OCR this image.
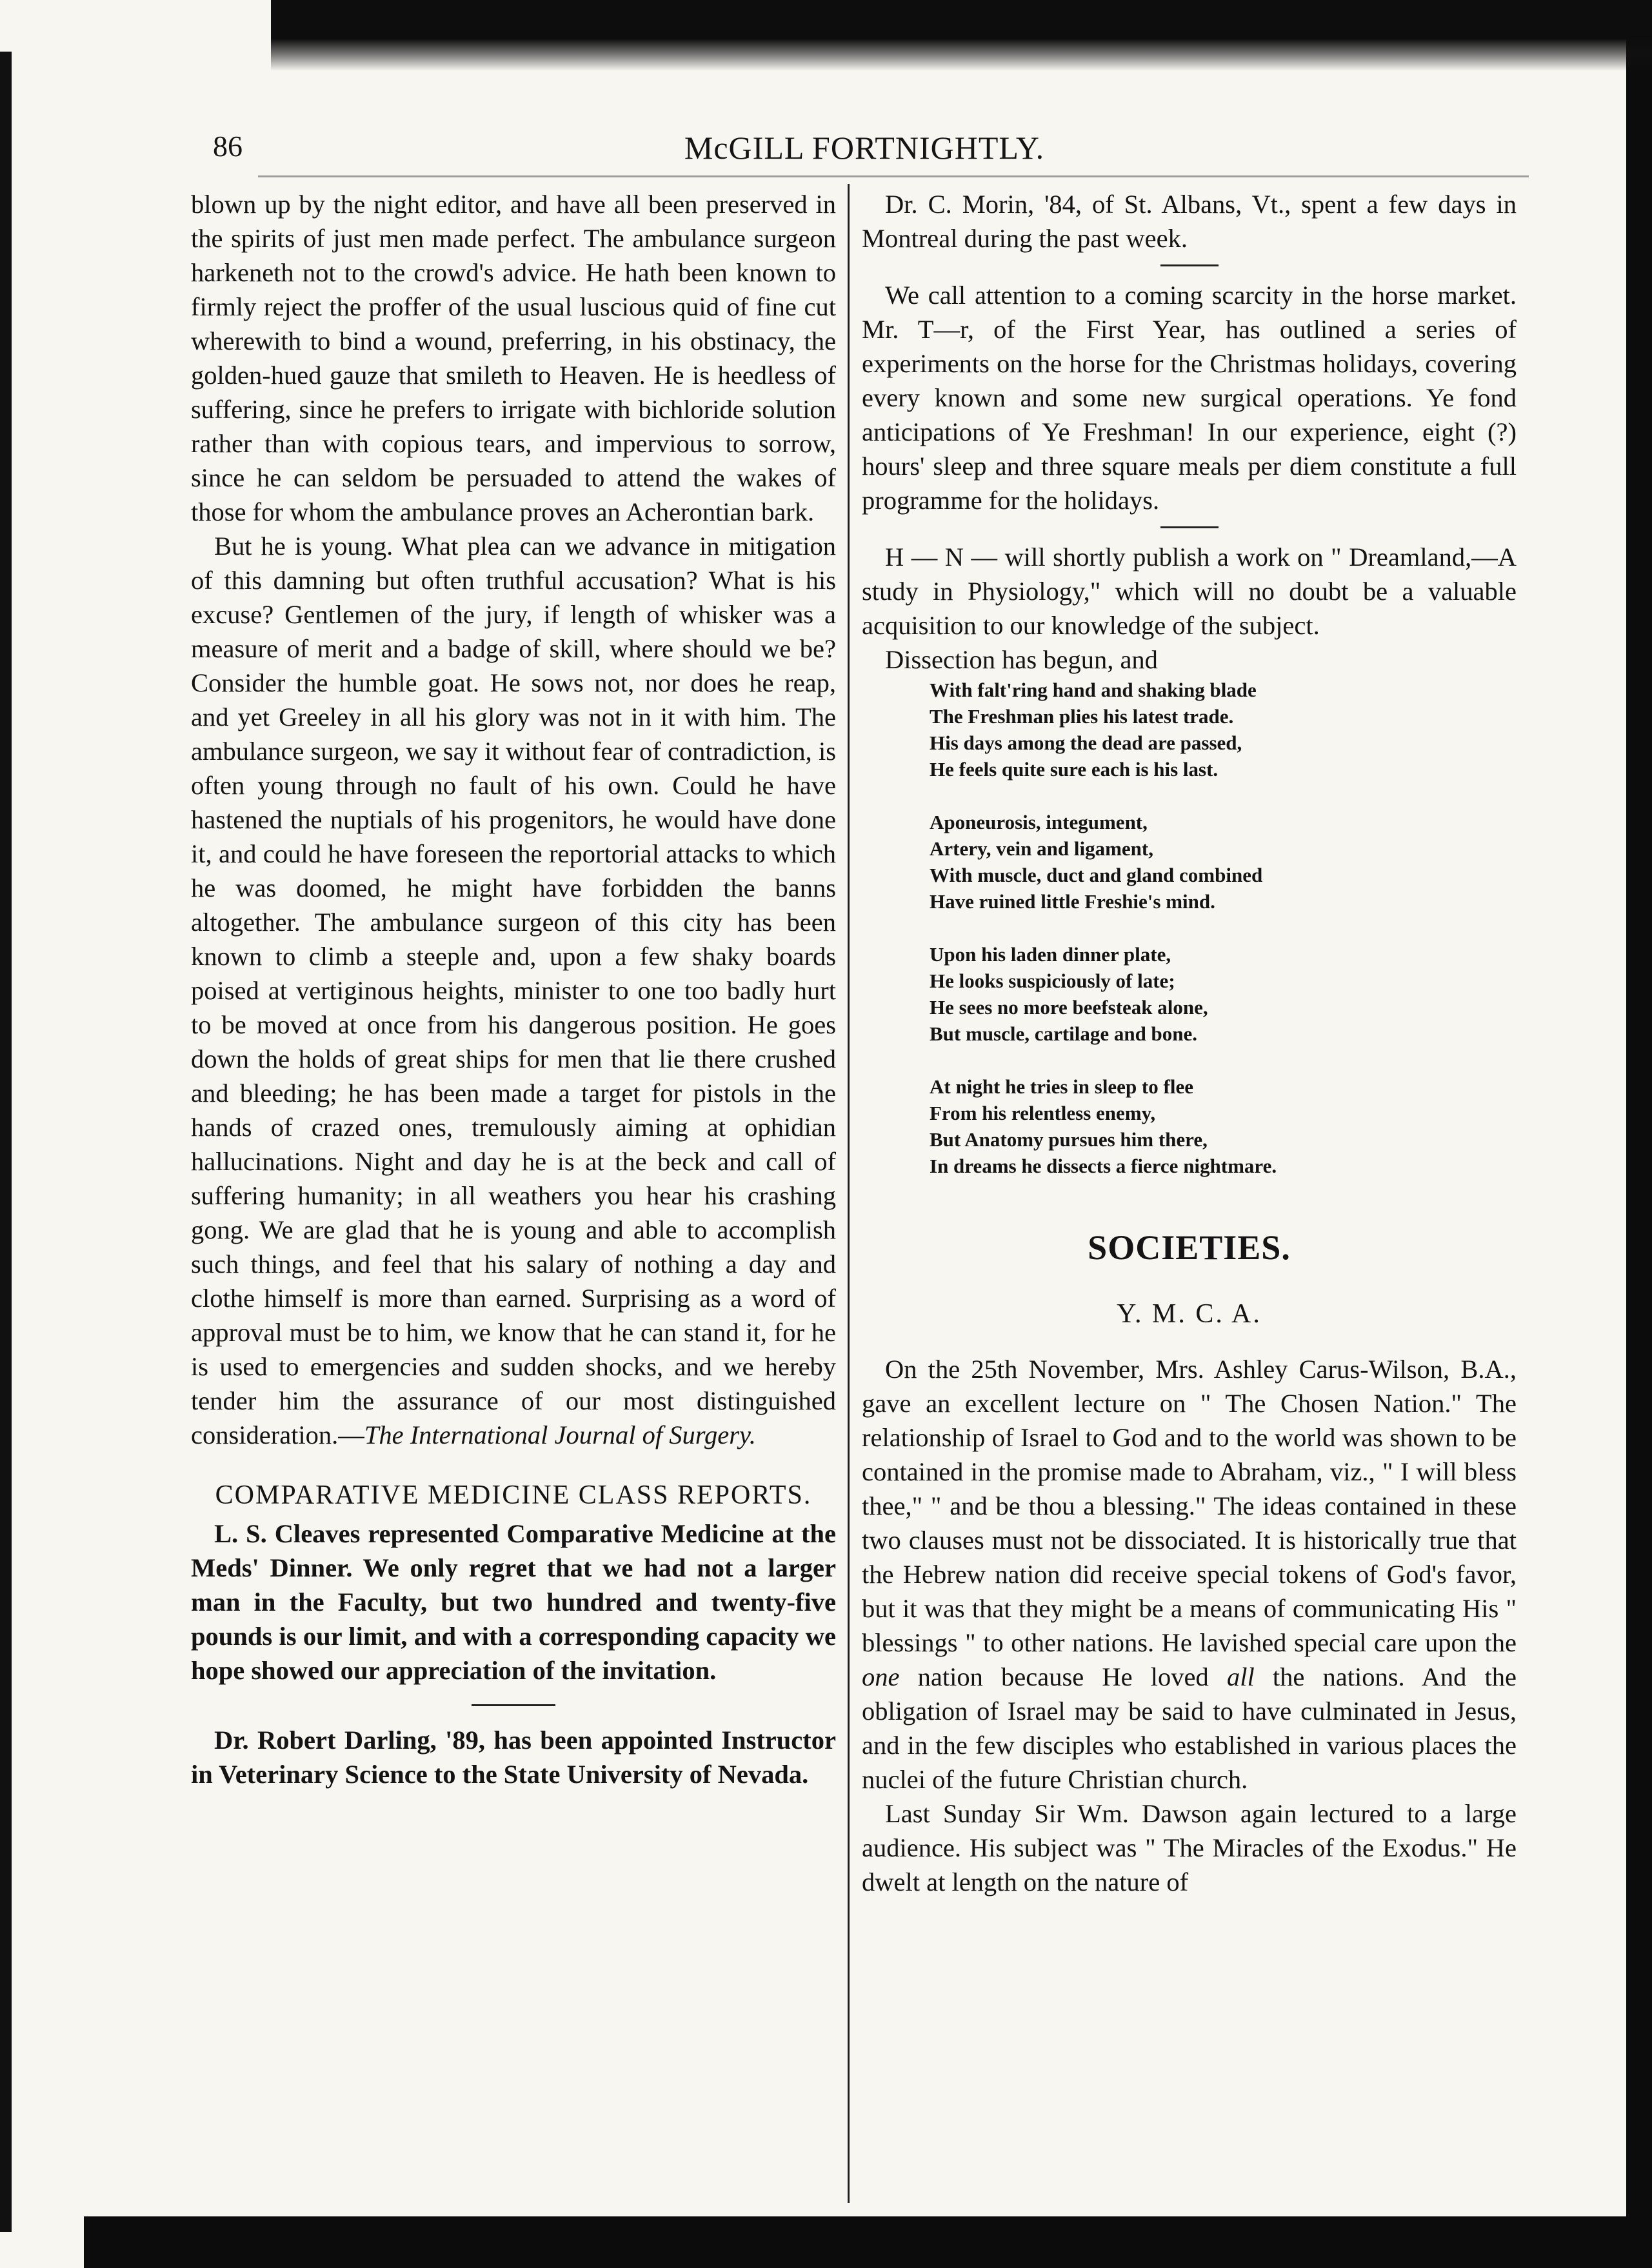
86	McGILL FORTNIGHTLY.

blown up by the night editor, and have all been preserved in the spirits of just men made perfect. The ambulance surgeon harkeneth not to the crowd's advice. He hath been known to firmly reject the proffer of the usual luscious quid of fine cut wherewith to bind a wound, preferring, in his obstinacy, the golden-hued gauze that smileth to Heaven. He is heedless of suffering, since he prefers to irrigate with bichloride solution rather than with copious tears, and impervious to sorrow, since he can seldom be persuaded to attend the wakes of those for whom the ambulance proves an Acherontian bark.

But he is young. What plea can we advance in mitigation of this damning but often truthful accusation? What is his excuse? Gentlemen of the jury, if length of whisker was a measure of merit and a badge of skill, where should we be? Consider the humble goat. He sows not, nor does he reap, and yet Greeley in all his glory was not in it with him. The ambulance surgeon, we say it without fear of contradiction, is often young through no fault of his own. Could he have hastened the nuptials of his progenitors, he would have done it, and could he have foreseen the reportorial attacks to which he was doomed, he might have forbidden the banns altogether. The ambulance surgeon of this city has been known to climb a steeple and, upon a few shaky boards poised at vertiginous heights, minister to one too badly hurt to be moved at once from his dangerous position. He goes down the holds of great ships for men that lie there crushed and bleeding; he has been made a target for pistols in the hands of crazed ones, tremulously aiming at ophidian hallucinations. Night and day he is at the beck and call of suffering humanity; in all weathers you hear his crashing gong. We are glad that he is young and able to accomplish such things, and feel that his salary of nothing a day and clothe himself is more than earned. Surprising as a word of approval must be to him, we know that he can stand it, for he is used to emergencies and sudden shocks, and we hereby tender him the assurance of our most distinguished consideration.—The International Journal of Surgery.

COMPARATIVE MEDICINE CLASS REPORTS.

L. S. Cleaves represented Comparative Medicine at the Meds' Dinner. We only regret that we had not a larger man in the Faculty, but two hundred and twenty-five pounds is our limit, and with a corresponding capacity we hope showed our appreciation of the invitation.

Dr. Robert Darling, '89, has been appointed Instructor in Veterinary Science to the State University of Nevada.

Dr. C. Morin, '84, of St. Albans, Vt., spent a few days in Montreal during the past week.

We call attention to a coming scarcity in the horse market. Mr. T—r, of the First Year, has outlined a series of experiments on the horse for the Christmas holidays, covering every known and some new surgical operations. Ye fond anticipations of Ye Freshman! In our experience, eight (?) hours' sleep and three square meals per diem constitute a full programme for the holidays.

H — N — will shortly publish a work on " Dreamland,—A study in Physiology," which will no doubt be a valuable acquisition to our knowledge of the subject.

Dissection has begun, and

With falt'ring hand and shaking blade
The Freshman plies his latest trade.
His days among the dead are passed,
He feels quite sure each is his last.
Aponeurosis, integument,
Artery, vein and ligament,
With muscle, duct and gland combined
Have ruined little Freshie's mind.
Upon his laden dinner plate,
He looks suspiciously of late;
He sees no more beefsteak alone,
But muscle, cartilage and bone.
At night he tries in sleep to flee
From his relentless enemy,
But Anatomy pursues him there,
In dreams he dissects a fierce nightmare.

SOCIETIES.

Y. M. C. A.

On the 25th November, Mrs. Ashley Carus-Wilson, B.A., gave an excellent lecture on " The Chosen Nation." The relationship of Israel to God and to the world was shown to be contained in the promise made to Abraham, viz., " I will bless thee," " and be thou a blessing." The ideas contained in these two clauses must not be dissociated. It is historically true that the Hebrew nation did receive special tokens of God's favor, but it was that they might be a means of communicating His " blessings " to other nations. He lavished special care upon the one nation because He loved all the nations. And the obligation of Israel may be said to have culminated in Jesus, and in the few disciples who established in various places the nuclei of the future Christian church.

Last Sunday Sir Wm. Dawson again lectured to a large audience. His subject was " The Miracles of the Exodus." He dwelt at length on the nature of
